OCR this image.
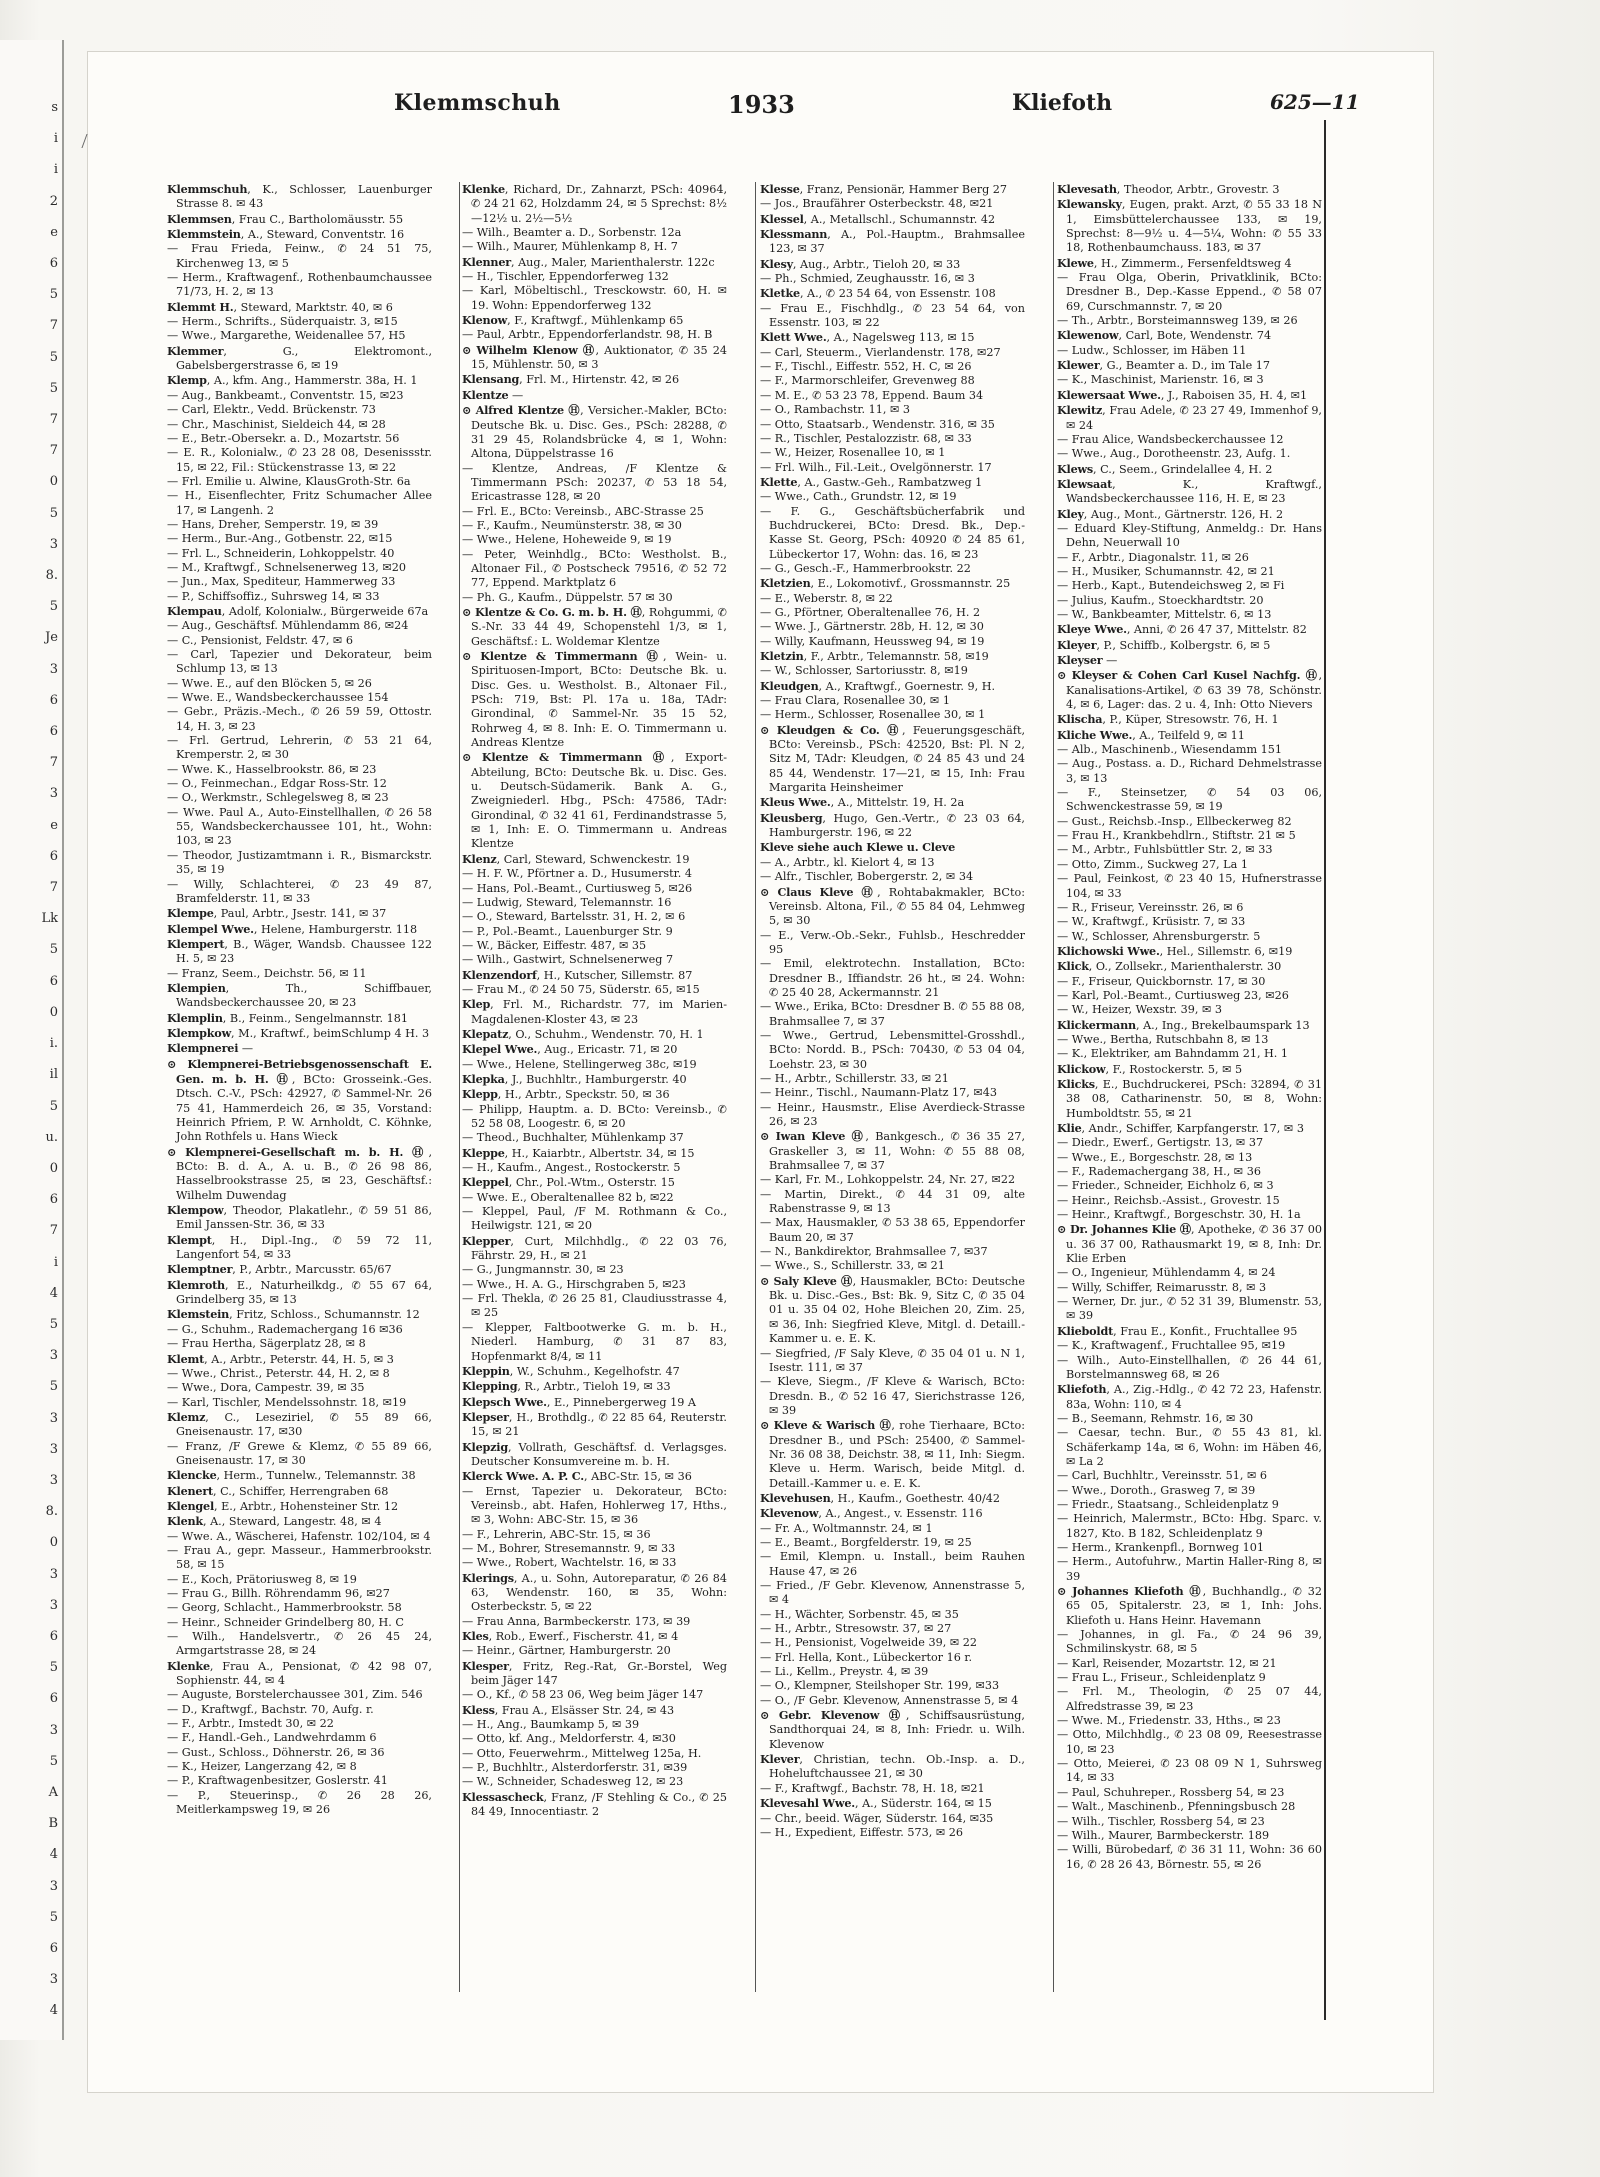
s
i
i
2
e
6
5
7
5
5
7
7
0
5
3
8.
5
Je
3
6
6
7
3
e
6
7
Lk
5
6
0
i.
il
5
u.
0
6
7
i
4
5
3
5
3
3
3
8.
0
3
3
6
5
6
3
5
A
B
4
3
5
6
3
4
Klemmschuh	1933	Kliefoth	625—11

Klemmschuh, K., Schlosser, Lauenburger Strasse 8. ✉ 43

Klemmsen, Frau C., Bartholomäusstr. 55

Klemmstein, A., Steward, Conventstr. 16

— Frau Frieda, Feinw., ✆ 24 51 75, Kirchenweg 13, ✉ 5

— Herm., Kraftwagenf., Rothenbaumchaussee 71/73, H. 2, ✉ 13

Klemmt H., Steward, Marktstr. 40, ✉ 6

— Herm., Schrifts., Süderquaistr. 3, ✉15

— Wwe., Margarethe, Weidenallee 57, H5

Klemmer, G., Elektromont., Gabelsbergerstrasse 6, ✉ 19

Klemp, A., kfm. Ang., Hammerstr. 38a, H. 1

— Aug., Bankbeamt., Conventstr. 15, ✉23

— Carl, Elektr., Vedd. Brückenstr. 73

— Chr., Maschinist, Sieldeich 44, ✉ 28

— E., Betr.-Obersekr. a. D., Mozartstr. 56

— E. R., Kolonialw., ✆ 23 28 08, Desenissstr. 15, ✉ 22, Fil.: Stückenstrasse 13, ✉ 22

— Frl. Emilie u. Alwine, KlausGroth-Str. 6a

— H., Eisenflechter, Fritz Schumacher Allee 17, ✉ Langenh. 2

— Hans, Dreher, Semperstr. 19, ✉ 39

— Herm., Bur.-Ang., Gotbenstr. 22, ✉15

— Frl. L., Schneiderin, Lohkoppelstr. 40

— M., Kraftwgf., Schnelsenerweg 13, ✉20

— Jun., Max, Spediteur, Hammerweg 33

— P., Schiffsoffiz., Suhrsweg 14, ✉ 33

Klempau, Adolf, Kolonialw., Bürgerweide 67a

— Aug., Geschäftsf. Mühlendamm 86, ✉24

— C., Pensionist, Feldstr. 47, ✉ 6

— Carl, Tapezier und Dekorateur, beim Schlump 13, ✉ 13

— Wwe. E., auf den Blöcken 5, ✉ 26

— Wwe. E., Wandsbeckerchaussee 154

— Gebr., Präzis.-Mech., ✆ 26 59 59, Ottostr. 14, H. 3, ✉ 23

— Frl. Gertrud, Lehrerin, ✆ 53 21 64, Kremperstr. 2, ✉ 30

— Wwe. K., Hasselbrookstr. 86, ✉ 23

— O., Feinmechan., Edgar Ross-Str. 12

— O., Werkmstr., Schlegelsweg 8, ✉ 23

— Wwe. Paul A., Auto-Einstellhallen, ✆ 26 58 55, Wandsbeckerchaussee 101, ht., Wohn: 103, ✉ 23

— Theodor, Justizamtmann i. R., Bismarckstr. 35, ✉ 19

— Willy, Schlachterei, ✆ 23 49 87, Bramfelderstr. 11, ✉ 33

Klempe, Paul, Arbtr., Jsestr. 141, ✉ 37

Klempel Wwe., Helene, Hamburgerstr. 118

Klempert, B., Wäger, Wandsb. Chaussee 122 H. 5, ✉ 23

— Franz, Seem., Deichstr. 56, ✉ 11

Klempien, Th., Schiffbauer, Wandsbeckerchaussee 20, ✉ 23

Klemplin, B., Feinm., Sengelmannstr. 181

Klempkow, M., Kraftwf., beimSchlump 4 H. 3

Klempnerei —

⊙ Klempnerei-Betriebsgenossenschaft E. Gen. m. b. H. Ⓗ, BCto: Grosseink.-Ges. Dtsch. C.-V., PSch: 42927, ✆ Sammel-Nr. 26 75 41, Hammerdeich 26, ✉ 35, Vorstand: Heinrich Pfriem, P. W. Arnholdt, C. Köhnke, John Rothfels u. Hans Wieck

⊙ Klempnerei-Gesellschaft m. b. H. Ⓗ, BCto: B. d. A., A. u. B., ✆ 26 98 86, Hasselbrookstrasse 25, ✉ 23, Geschäftsf.: Wilhelm Duwendag

Klempow, Theodor, Plakatlehr., ✆ 59 51 86, Emil Janssen-Str. 36, ✉ 33

Klempt, H., Dipl.-Ing., ✆ 59 72 11, Langenfort 54, ✉ 33

Klemptner, P., Arbtr., Marcusstr. 65/67

Klemroth, E., Naturheilkdg., ✆ 55 67 64, Grindelberg 35, ✉ 13

Klemstein, Fritz, Schloss., Schumannstr. 12

— G., Schuhm., Rademachergang 16 ✉36

— Frau Hertha, Sägerplatz 28, ✉ 8

Klemt, A., Arbtr., Peterstr. 44, H. 5, ✉ 3

— Wwe., Christ., Peterstr. 44, H. 2, ✉ 8

— Wwe., Dora, Campestr. 39, ✉ 35

— Karl, Tischler, Mendelssohnstr. 18, ✉19

Klemz, C., Leseziriel, ✆ 55 89 66, Gneisenaustr. 17, ✉30

— Franz, /F Grewe & Klemz, ✆ 55 89 66, Gneisenaustr. 17, ✉ 30

Klencke, Herm., Tunnelw., Telemannstr. 38

Klenert, C., Schiffer, Herrengraben 68

Klengel, E., Arbtr., Hohensteiner Str. 12

Klenk, A., Steward, Langestr. 48, ✉ 4

— Wwe. A., Wäscherei, Hafenstr. 102/104, ✉ 4

— Frau A., gepr. Masseur., Hammerbrookstr. 58, ✉ 15

— E., Koch, Prätoriusweg 8, ✉ 19

— Frau G., Billh. Röhrendamm 96, ✉27

— Georg, Schlacht., Hammerbrookstr. 58

— Heinr., Schneider Grindelberg 80, H. C

— Wilh., Handelsvertr., ✆ 26 45 24, Armgartstrasse 28, ✉ 24

Klenke, Frau A., Pensionat, ✆ 42 98 07, Sophienstr. 44, ✉ 4

— Auguste, Borstelerchaussee 301, Zim. 546

— D., Kraftwgf., Bachstr. 70, Aufg. r.

— F., Arbtr., Imstedt 30, ✉ 22

— F., Handl.-Geh., Landwehrdamm 6

— Gust., Schloss., Döhnerstr. 26, ✉ 36

— K., Heizer, Langerzang 42, ✉ 8

— P., Kraftwagenbesitzer, Goslerstr. 41

— P., Steuerinsp., ✆ 26 28 26, Meitlerkampsweg 19, ✉ 26

Klenke, Richard, Dr., Zahnarzt, PSch: 40964, ✆ 24 21 62, Holzdamm 24, ✉ 5 Sprechst: 8½—12½ u. 2½—5½

— Wilh., Beamter a. D., Sorbenstr. 12a

— Wilh., Maurer, Mühlenkamp 8, H. 7

Klenner, Aug., Maler, Marienthalerstr. 122c

— H., Tischler, Eppendorferweg 132

— Karl, Möbeltischl., Tresckowstr. 60, H. ✉ 19. Wohn: Eppendorferweg 132

Klenow, F., Kraftwgf., Mühlenkamp 65

— Paul, Arbtr., Eppendorferlandstr. 98, H. B

⊙ Wilhelm Klenow Ⓗ, Auktionator, ✆ 35 24 15, Mühlenstr. 50, ✉ 3

Klensang, Frl. M., Hirtenstr. 42, ✉ 26

Klentze —

⊙ Alfred Klentze Ⓗ, Versicher.-Makler, BCto: Deutsche Bk. u. Disc. Ges., PSch: 28288, ✆ 31 29 45, Rolandsbrücke 4, ✉ 1, Wohn: Altona, Düppelstrasse 16

— Klentze, Andreas, /F Klentze & Timmermann PSch: 20237, ✆ 53 18 54, Ericastrasse 128, ✉ 20

— Frl. E., BCto: Vereinsb., ABC-Strasse 25

— F., Kaufm., Neumünsterstr. 38, ✉ 30

— Wwe., Helene, Hoheweide 9, ✉ 19

— Peter, Weinhdlg., BCto: Westholst. B., Altonaer Fil., ✆ Postscheck 79516, ✆ 52 72 77, Eppend. Marktplatz 6

— Ph. G., Kaufm., Düppelstr. 57 ✉ 30

⊙ Klentze & Co. G. m. b. H. Ⓗ, Rohgummi, ✆ S.-Nr. 33 44 49, Schopenstehl 1/3, ✉ 1, Geschäftsf.: L. Woldemar Klentze

⊙ Klentze & Timmermann Ⓗ, Wein- u. Spirituosen-Import, BCto: Deutsche Bk. u. Disc. Ges. u. Westholst. B., Altonaer Fil., PSch: 719, Bst: Pl. 17a u. 18a, TAdr: Girondinal, ✆ Sammel-Nr. 35 15 52, Rohrweg 4, ✉ 8. Inh: E. O. Timmermann u. Andreas Klentze

⊙ Klentze & Timmermann Ⓗ, Export-Abteilung, BCto: Deutsche Bk. u. Disc. Ges. u. Deutsch-Südamerik. Bank A. G., Zweigniederl. Hbg., PSch: 47586, TAdr: Girondinal, ✆ 32 41 61, Ferdinandstrasse 5, ✉ 1, Inh: E. O. Timmermann u. Andreas Klentze

Klenz, Carl, Steward, Schwenckestr. 19

— H. F. W., Pförtner a. D., Husumerstr. 4

— Hans, Pol.-Beamt., Curtiusweg 5, ✉26

— Ludwig, Steward, Telemannstr. 16

— O., Steward, Bartelsstr. 31, H. 2, ✉ 6

— P., Pol.-Beamt., Lauenburger Str. 9

— W., Bäcker, Eiffestr. 487, ✉ 35

— Wilh., Gastwirt, Schnelsenerweg 7

Klenzendorf, H., Kutscher, Sillemstr. 87

— Frau M., ✆ 24 50 75, Süderstr. 65, ✉15

Klep, Frl. M., Richardstr. 77, im Marien-Magdalenen-Kloster 43, ✉ 23

Klepatz, O., Schuhm., Wendenstr. 70, H. 1

Klepel Wwe., Aug., Ericastr. 71, ✉ 20

— Wwe., Helene, Stellingerweg 38c, ✉19

Klepka, J., Buchhltr., Hamburgerstr. 40

Klepp, H., Arbtr., Speckstr. 50, ✉ 36

— Philipp, Hauptm. a. D. BCto: Vereinsb., ✆ 52 58 08, Loogestr. 6, ✉ 20

— Theod., Buchhalter, Mühlenkamp 37

Kleppe, H., Kaiarbtr., Albertstr. 34, ✉ 15

— H., Kaufm., Angest., Rostockerstr. 5

Kleppel, Chr., Pol.-Wtm., Osterstr. 15

— Wwe. E., Oberaltenallee 82 b, ✉22

— Kleppel, Paul, /F M. Rothmann & Co., Heilwigstr. 121, ✉ 20

Klepper, Curt, Milchhdlg., ✆ 22 03 76, Fährstr. 29, H., ✉ 21

— G., Jungmannstr. 30, ✉ 23

— Wwe., H. A. G., Hirschgraben 5, ✉23

— Frl. Thekla, ✆ 26 25 81, Claudiusstrasse 4, ✉ 25

— Klepper, Faltbootwerke G. m. b. H., Niederl. Hamburg, ✆ 31 87 83, Hopfenmarkt 8/4, ✉ 11

Kleppin, W., Schuhm., Kegelhofstr. 47

Klepping, R., Arbtr., Tieloh 19, ✉ 33

Klepsch Wwe., E., Pinnebergerweg 19 A

Klepser, H., Brothdlg., ✆ 22 85 64, Reuterstr. 15, ✉ 21

Klepzig, Vollrath, Geschäftsf. d. Verlagsges. Deutscher Konsumvereine m. b. H.

Klerck Wwe. A. P. C., ABC-Str. 15, ✉ 36

— Ernst, Tapezier u. Dekorateur, BCto: Vereinsb., abt. Hafen, Hohlerweg 17, Hths., ✉ 3, Wohn: ABC-Str. 15, ✉ 36

— F., Lehrerin, ABC-Str. 15, ✉ 36

— M., Bohrer, Stresemannstr. 9, ✉ 33

— Wwe., Robert, Wachtelstr. 16, ✉ 33

Klerings, A., u. Sohn, Autoreparatur, ✆ 26 84 63, Wendenstr. 160, ✉ 35, Wohn: Osterbeckstr. 5, ✉ 22

— Frau Anna, Barmbeckerstr. 173, ✉ 39

Kles, Rob., Ewerf., Fischerstr. 41, ✉ 4

— Heinr., Gärtner, Hamburgerstr. 20

Klesper, Fritz, Reg.-Rat, Gr.-Borstel, Weg beim Jäger 147

— O., Kf., ✆ 58 23 06, Weg beim Jäger 147

Kless, Frau A., Elsässer Str. 24, ✉ 43

— H., Ang., Baumkamp 5, ✉ 39

— Otto, kf. Ang., Meldorferstr. 4, ✉30

— Otto, Feuerwehrm., Mittelweg 125a, H.

— P., Buchhltr., Alsterdorferstr. 31, ✉39

— W., Schneider, Schadesweg 12, ✉ 23

Klessascheck, Franz, /F Stehling & Co., ✆ 25 84 49, Innocentiastr. 2

Klesse, Franz, Pensionär, Hammer Berg 27

— Jos., Braufährer Osterbeckstr. 48, ✉21

Klessel, A., Metallschl., Schumannstr. 42

Klessmann, A., Pol.-Hauptm., Brahmsallee 123, ✉ 37

Klesy, Aug., Arbtr., Tieloh 20, ✉ 33

— Ph., Schmied, Zeughausstr. 16, ✉ 3

Kletke, A., ✆ 23 54 64, von Essenstr. 108

— Frau E., Fischhdlg., ✆ 23 54 64, von Essenstr. 103, ✉ 22

Klett Wwe., A., Nagelsweg 113, ✉ 15

— Carl, Steuerm., Vierlandenstr. 178, ✉27

— F., Tischl., Eiffestr. 552, H. C, ✉ 26

— F., Marmorschleifer, Grevenweg 88

— M. E., ✆ 53 23 78, Eppend. Baum 34

— O., Rambachstr. 11, ✉ 3

— Otto, Staatsarb., Wendenstr. 316, ✉ 35

— R., Tischler, Pestalozzistr. 68, ✉ 33

— W., Heizer, Rosenallee 10, ✉ 1

— Frl. Wilh., Fil.-Leit., Ovelgönnerstr. 17

Klette, A., Gastw.-Geh., Rambatzweg 1

— Wwe., Cath., Grundstr. 12, ✉ 19

— F. G., Geschäftsbücherfabrik und Buchdruckerei, BCto: Dresd. Bk., Dep.-Kasse St. Georg, PSch: 40920 ✆ 24 85 61, Lübeckertor 17, Wohn: das. 16, ✉ 23

— G., Gesch.-F., Hammerbrookstr. 22

Kletzien, E., Lokomotivf., Grossmannstr. 25

— E., Weberstr. 8, ✉ 22

— G., Pförtner, Oberaltenallee 76, H. 2

— Wwe. J., Gärtnerstr. 28b, H. 12, ✉ 30

— Willy, Kaufmann, Heussweg 94, ✉ 19

Kletzin, F., Arbtr., Telemannstr. 58, ✉19

— W., Schlosser, Sartoriusstr. 8, ✉19

Kleudgen, A., Kraftwgf., Goernestr. 9, H.

— Frau Clara, Rosenallee 30, ✉ 1

— Herm., Schlosser, Rosenallee 30, ✉ 1

⊙ Kleudgen & Co. Ⓗ, Feuerungsgeschäft, BCto: Vereinsb., PSch: 42520, Bst: Pl. N 2, Sitz M, TAdr: Kleudgen, ✆ 24 85 43 und 24 85 44, Wendenstr. 17—21, ✉ 15, Inh: Frau Margarita Heinsheimer

Kleus Wwe., A., Mittelstr. 19, H. 2a

Kleusberg, Hugo, Gen.-Vertr., ✆ 23 03 64, Hamburgerstr. 196, ✉ 22

Kleve siehe auch Klewe u. Cleve

— A., Arbtr., kl. Kielort 4, ✉ 13

— Alfr., Tischler, Bobergerstr. 2, ✉ 34

⊙ Claus Kleve Ⓗ, Rohtabakmakler, BCto: Vereinsb. Altona, Fil., ✆ 55 84 04, Lehmweg 5, ✉ 30

— E., Verw.-Ob.-Sekr., Fuhlsb., Heschredder 95

— Emil, elektrotechn. Installation, BCto: Dresdner B., Iffiandstr. 26 ht., ✉ 24. Wohn: ✆ 25 40 28, Ackermannstr. 21

— Wwe., Erika, BCto: Dresdner B. ✆ 55 88 08, Brahmsallee 7, ✉ 37

— Wwe., Gertrud, Lebensmittel-Grosshdl., BCto: Nordd. B., PSch: 70430, ✆ 53 04 04, Loehstr. 23, ✉ 30

— H., Arbtr., Schillerstr. 33, ✉ 21

— Heinr., Tischl., Naumann-Platz 17, ✉43

— Heinr., Hausmstr., Elise Averdieck-Strasse 26, ✉ 23

⊙ Iwan Kleve Ⓗ, Bankgesch., ✆ 36 35 27, Graskeller 3, ✉ 11, Wohn: ✆ 55 88 08, Brahmsallee 7, ✉ 37

— Karl, Fr. M., Lohkoppelstr. 24, Nr. 27, ✉22

— Martin, Direkt., ✆ 44 31 09, alte Rabenstrasse 9, ✉ 13

— Max, Hausmakler, ✆ 53 38 65, Eppendorfer Baum 20, ✉ 37

— N., Bankdirektor, Brahmsallee 7, ✉37

— Wwe., S., Schillerstr. 33, ✉ 21

⊙ Saly Kleve Ⓗ, Hausmakler, BCto: Deutsche Bk. u. Disc.-Ges., Bst: Bk. 9, Sitz C, ✆ 35 04 01 u. 35 04 02, Hohe Bleichen 20, Zim. 25, ✉ 36, Inh: Siegfried Kleve, Mitgl. d. Detaill.-Kammer u. e. E. K.

— Siegfried, /F Saly Kleve, ✆ 35 04 01 u. N 1, Isestr. 111, ✉ 37

— Kleve, Siegm., /F Kleve & Warisch, BCto: Dresdn. B., ✆ 52 16 47, Sierichstrasse 126, ✉ 39

⊙ Kleve & Warisch Ⓗ, rohe Tierhaare, BCto: Dresdner B., und PSch: 25400, ✆ Sammel-Nr. 36 08 38, Deichstr. 38, ✉ 11, Inh: Siegm. Kleve u. Herm. Warisch, beide Mitgl. d. Detaill.-Kammer u. e. E. K.

Klevehusen, H., Kaufm., Goethestr. 40/42

Klevenow, A., Angest., v. Essenstr. 116

— Fr. A., Woltmannstr. 24, ✉ 1

— E., Beamt., Borgfelderstr. 19, ✉ 25

— Emil, Klempn. u. Install., beim Rauhen Hause 47, ✉ 26

— Fried., /F Gebr. Klevenow, Annenstrasse 5, ✉ 4

— H., Wächter, Sorbenstr. 45, ✉ 35

— H., Arbtr., Stresowstr. 37, ✉ 27

— H., Pensionist, Vogelweide 39, ✉ 22

— Frl. Hella, Kont., Lübeckertor 16 r.

— Li., Kellm., Preystr. 4, ✉ 39

— O., Klempner, Steilshoper Str. 199, ✉33

— O., /F Gebr. Klevenow, Annenstrasse 5, ✉ 4

⊙ Gebr. Klevenow Ⓗ, Schiffsausrüstung, Sandthorquai 24, ✉ 8, Inh: Friedr. u. Wilh. Klevenow

Klever, Christian, techn. Ob.-Insp. a. D., Hoheluftchaussee 21, ✉ 30

— F., Kraftwgf., Bachstr. 78, H. 18, ✉21

Klevesahl Wwe., A., Süderstr. 164, ✉ 15

— Chr., beeid. Wäger, Süderstr. 164, ✉35

— H., Expedient, Eiffestr. 573, ✉ 26

Klevesath, Theodor, Arbtr., Grovestr. 3

Klewansky, Eugen, prakt. Arzt, ✆ 55 33 18 N 1, Eimsbüttelerchaussee 133, ✉ 19, Sprechst: 8—9½ u. 4—5¼, Wohn: ✆ 55 33 18, Rothenbaumchauss. 183, ✉ 37

Klewe, H., Zimmerm., Fersenfeldtsweg 4

— Frau Olga, Oberin, Privatklinik, BCto: Dresdner B., Dep.-Kasse Eppend., ✆ 58 07 69, Curschmannstr. 7, ✉ 20

— Th., Arbtr., Borsteimannsweg 139, ✉ 26

Klewenow, Carl, Bote, Wendenstr. 74

— Ludw., Schlosser, im Häben 11

Klewer, G., Beamter a. D., im Tale 17

— K., Maschinist, Marienstr. 16, ✉ 3

Klewersaat Wwe., J., Raboisen 35, H. 4, ✉1

Klewitz, Frau Adele, ✆ 23 27 49, Immenhof 9, ✉ 24

— Frau Alice, Wandsbeckerchaussee 12

— Wwe., Aug., Dorotheenstr. 23, Aufg. 1.

Klews, C., Seem., Grindelallee 4, H. 2

Klewsaat, K., Kraftwgf., Wandsbeckerchaussee 116, H. E, ✉ 23

Kley, Aug., Mont., Gärtnerstr. 126, H. 2

— Eduard Kley-Stiftung, Anmeldg.: Dr. Hans Dehn, Neuerwall 10

— F., Arbtr., Diagonalstr. 11, ✉ 26

— H., Musiker, Schumannstr. 42, ✉ 21

— Herb., Kapt., Butendeichsweg 2, ✉ Fi

— Julius, Kaufm., Stoeckhardtstr. 20

— W., Bankbeamter, Mittelstr. 6, ✉ 13

Kleye Wwe., Anni, ✆ 26 47 37, Mittelstr. 82

Kleyer, P., Schiffb., Kolbergstr. 6, ✉ 5

Kleyser —

⊙ Kleyser & Cohen Carl Kusel Nachfg. Ⓗ, Kanalisations-Artikel, ✆ 63 39 78, Schönstr. 4, ✉ 6, Lager: das. 2 u. 4, Inh: Otto Nievers

Klischa, P., Küper, Stresowstr. 76, H. 1

Kliche Wwe., A., Teilfeld 9, ✉ 11

— Alb., Maschinenb., Wiesendamm 151

— Aug., Postass. a. D., Richard Dehmelstrasse 3, ✉ 13

— F., Steinsetzer, ✆ 54 03 06, Schwenckestrasse 59, ✉ 19

— Gust., Reichsb.-Insp., Ellbeckerweg 82

— Frau H., Krankbehdlrn., Stiftstr. 21 ✉ 5

— M., Arbtr., Fuhlsbüttler Str. 2, ✉ 33

— Otto, Zimm., Suckweg 27, La 1

— Paul, Feinkost, ✆ 23 40 15, Hufnerstrasse 104, ✉ 33

— R., Friseur, Vereinsstr. 26, ✉ 6

— W., Kraftwgf., Krüsistr. 7, ✉ 33

— W., Schlosser, Ahrensburgerstr. 5

Klichowski Wwe., Hel., Sillemstr. 6, ✉19

Klick, O., Zollsekr., Marienthalerstr. 30

— F., Friseur, Quickbornstr. 17, ✉ 30

— Karl, Pol.-Beamt., Curtiusweg 23, ✉26

— W., Heizer, Wexstr. 39, ✉ 3

Klickermann, A., Ing., Brekelbaumspark 13

— Wwe., Bertha, Rutschbahn 8, ✉ 13

— K., Elektriker, am Bahndamm 21, H. 1

Klickow, F., Rostockerstr. 5, ✉ 5

Klicks, E., Buchdruckerei, PSch: 32894, ✆ 31 38 08, Catharinenstr. 50, ✉ 8, Wohn: Humboldtstr. 55, ✉ 21

Klie, Andr., Schiffer, Karpfangerstr. 17, ✉ 3

— Diedr., Ewerf., Gertigstr. 13, ✉ 37

— Wwe., E., Borgeschstr. 28, ✉ 13

— F., Rademachergang 38, H., ✉ 36

— Frieder., Schneider, Eichholz 6, ✉ 3

— Heinr., Reichsb.-Assist., Grovestr. 15

— Heinr., Kraftwgf., Borgeschstr. 30, H. 1a

⊙ Dr. Johannes Klie Ⓗ, Apotheke, ✆ 36 37 00 u. 36 37 00, Rathausmarkt 19, ✉ 8, Inh: Dr. Klie Erben

— O., Ingenieur, Mühlendamm 4, ✉ 24

— Willy, Schiffer, Reimarusstr. 8, ✉ 3

— Werner, Dr. jur., ✆ 52 31 39, Blumenstr. 53, ✉ 39

Klieboldt, Frau E., Konfit., Fruchtallee 95

— K., Kraftwagenf., Fruchtallee 95, ✉19

— Wilh., Auto-Einstellhallen, ✆ 26 44 61, Borstelmannsweg 68, ✉ 26

Kliefoth, A., Zig.-Hdlg., ✆ 42 72 23, Hafenstr. 83a, Wohn: 110, ✉ 4

— B., Seemann, Rehmstr. 16, ✉ 30

— Caesar, techn. Bur., ✆ 55 43 81, kl. Schäferkamp 14a, ✉ 6, Wohn: im Häben 46, ✉ La 2

— Carl, Buchhltr., Vereinsstr. 51, ✉ 6

— Wwe., Doroth., Grasweg 7, ✉ 39

— Friedr., Staatsang., Schleidenplatz 9

— Heinrich, Malermstr., BCto: Hbg. Sparc. v. 1827, Kto. B 182, Schleidenplatz 9

— Herm., Krankenpfl., Bornweg 101

— Herm., Autofuhrw., Martin Haller-Ring 8, ✉ 39

⊙ Johannes Kliefoth Ⓗ, Buchhandlg., ✆ 32 65 05, Spitalerstr. 23, ✉ 1, Inh: Johs. Kliefoth u. Hans Heinr. Havemann

— Johannes, in gl. Fa., ✆ 24 96 39, Schmilinskystr. 68, ✉ 5

— Karl, Reisender, Mozartstr. 12, ✉ 21

— Frau L., Friseur., Schleidenplatz 9

— Frl. M., Theologin, ✆ 25 07 44, Alfredstrasse 39, ✉ 23

— Wwe. M., Friedenstr. 33, Hths., ✉ 23

— Otto, Milchhdlg., ✆ 23 08 09, Reesestrasse 10, ✉ 23

— Otto, Meierei, ✆ 23 08 09 N 1, Suhrsweg 14, ✉ 33

— Paul, Schuhreper., Rossberg 54, ✉ 23

— Walt., Maschinenb., Pfenningsbusch 28

— Wilh., Tischler, Rossberg 54, ✉ 23

— Wilh., Maurer, Barmbeckerstr. 189

— Willi, Bürobedarf, ✆ 36 31 11, Wohn: 36 60 16, ✆ 28 26 43, Börnestr. 55, ✉ 26
